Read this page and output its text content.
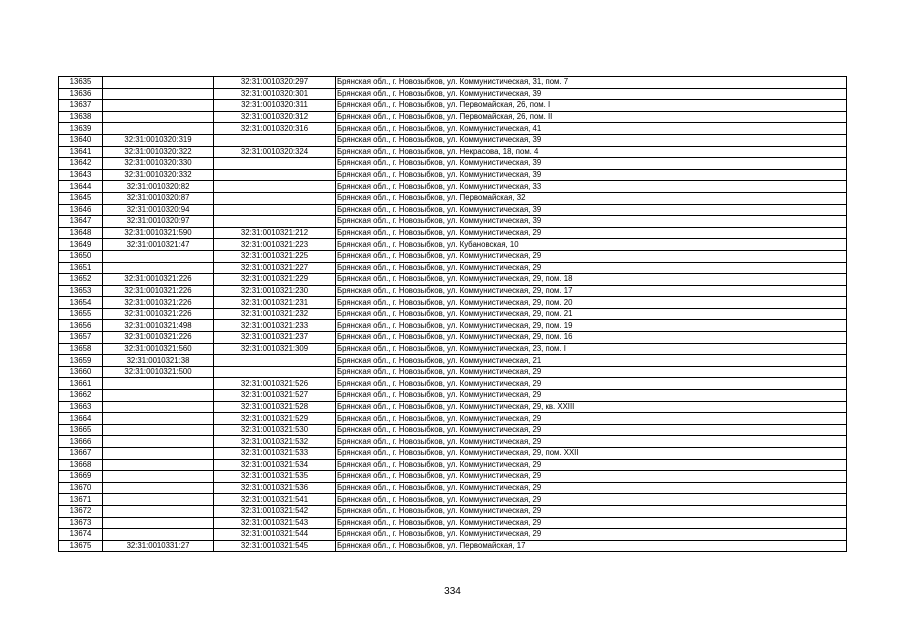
13635		32:31:0010320:297	Брянская обл., г. Новозыбков, ул. Коммунистическая, 31, пом. 7
13636		32:31:0010320:301	Брянская обл., г. Новозыбков, ул. Коммунистическая, 39
13637		32:31:0010320:311	Брянская обл., г. Новозыбков, ул. Первомайская, 26, пом. I
13638		32:31:0010320:312	Брянская обл., г. Новозыбков, ул. Первомайская, 26, пом. II
13639		32:31:0010320:316	Брянская обл., г. Новозыбков, ул. Коммунистическая, 41
13640	32:31:0010320:319		Брянская обл., г. Новозыбков, ул. Коммунистическая, 39
13641	32:31:0010320:322	32:31:0010320:324	Брянская обл., г. Новозыбков, ул. Некрасова, 18, пом. 4
13642	32:31:0010320:330		Брянская обл., г. Новозыбков, ул. Коммунистическая, 39
13643	32:31:0010320:332		Брянская обл., г. Новозыбков, ул. Коммунистическая, 39
13644	32:31:0010320:82		Брянская обл., г. Новозыбков, ул. Коммунистическая, 33
13645	32:31:0010320:87		Брянская обл., г. Новозыбков, ул. Первомайская, 32
13646	32:31:0010320:94		Брянская обл., г. Новозыбков, ул. Коммунистическая, 39
13647	32:31:0010320:97		Брянская обл., г. Новозыбков, ул. Коммунистическая, 39
13648	32:31:0010321:590	32:31:0010321:212	Брянская обл., г. Новозыбков, ул. Коммунистическая, 29
13649	32:31:0010321:47	32:31:0010321:223	Брянская обл., г. Новозыбков, ул. Кубановская, 10
13650		32:31:0010321:225	Брянская обл., г. Новозыбков, ул. Коммунистическая, 29
13651		32:31:0010321:227	Брянская обл., г. Новозыбков, ул. Коммунистическая, 29
13652	32:31:0010321:226	32:31:0010321:229	Брянская обл., г. Новозыбков, ул. Коммунистическая, 29, пом. 18
13653	32:31:0010321:226	32:31:0010321:230	Брянская обл., г. Новозыбков, ул. Коммунистическая, 29, пом. 17
13654	32:31:0010321:226	32:31:0010321:231	Брянская обл., г. Новозыбков, ул. Коммунистическая, 29, пом. 20
13655	32:31:0010321:226	32:31:0010321:232	Брянская обл., г. Новозыбков, ул. Коммунистическая, 29, пом. 21
13656	32:31:0010321:498	32:31:0010321:233	Брянская обл., г. Новозыбков, ул. Коммунистическая, 29, пом. 19
13657	32:31:0010321:226	32:31:0010321:237	Брянская обл., г. Новозыбков, ул. Коммунистическая, 29, пом. 16
13658	32:31:0010321:560	32:31:0010321:309	Брянская обл., г. Новозыбков, ул. Коммунистическая, 23, пом. I
13659	32:31:0010321:38		Брянская обл., г. Новозыбков, ул. Коммунистическая, 21
13660	32:31:0010321:500		Брянская обл., г. Новозыбков, ул. Коммунистическая, 29
13661		32:31:0010321:526	Брянская обл., г. Новозыбков, ул. Коммунистическая, 29
13662		32:31:0010321:527	Брянская обл., г. Новозыбков, ул. Коммунистическая, 29
13663		32:31:0010321:528	Брянская обл., г. Новозыбков, ул. Коммунистическая, 29, кв. XXIII
13664		32:31:0010321:529	Брянская обл., г. Новозыбков, ул. Коммунистическая, 29
13665		32:31:0010321:530	Брянская обл., г. Новозыбков, ул. Коммунистическая, 29
13666		32:31:0010321:532	Брянская обл., г. Новозыбков, ул. Коммунистическая, 29
13667		32:31:0010321:533	Брянская обл., г. Новозыбков, ул. Коммунистическая, 29, пом. XXII
13668		32:31:0010321:534	Брянская обл., г. Новозыбков, ул. Коммунистическая, 29
13669		32:31:0010321:535	Брянская обл., г. Новозыбков, ул. Коммунистическая, 29
13670		32:31:0010321:536	Брянская обл., г. Новозыбков, ул. Коммунистическая, 29
13671		32:31:0010321:541	Брянская обл., г. Новозыбков, ул. Коммунистическая, 29
13672		32:31:0010321:542	Брянская обл., г. Новозыбков, ул. Коммунистическая, 29
13673		32:31:0010321:543	Брянская обл., г. Новозыбков, ул. Коммунистическая, 29
13674		32:31:0010321:544	Брянская обл., г. Новозыбков, ул. Коммунистическая, 29
13675	32:31:0010331:27	32:31:0010321:545	Брянская обл., г. Новозыбков, ул. Первомайская, 17
334
